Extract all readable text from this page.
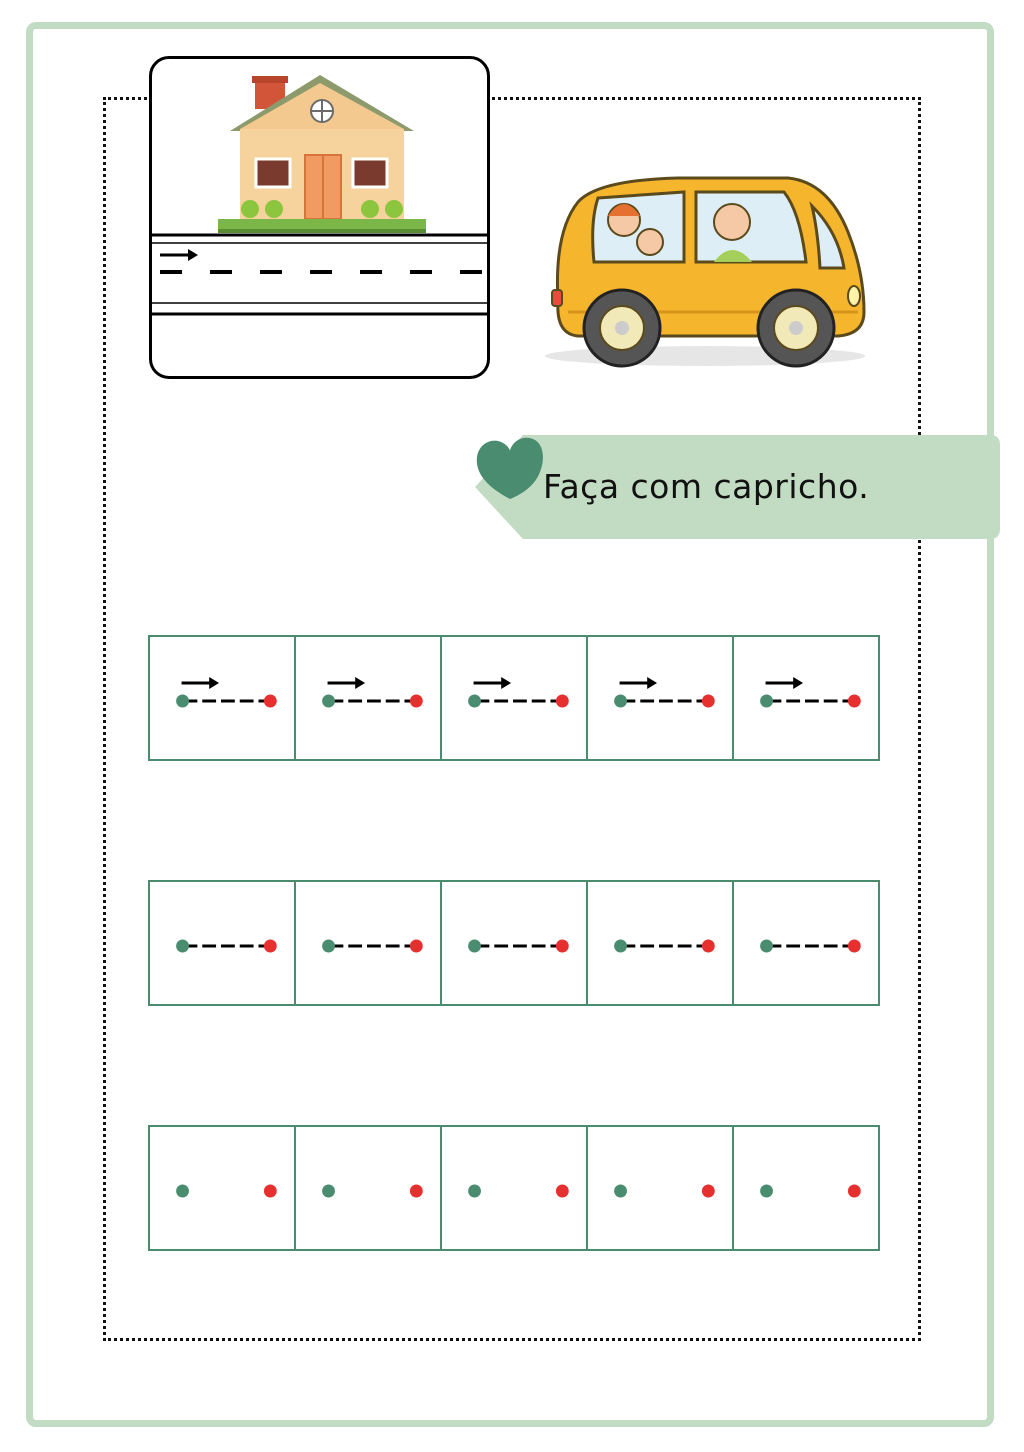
Faça com capricho.
